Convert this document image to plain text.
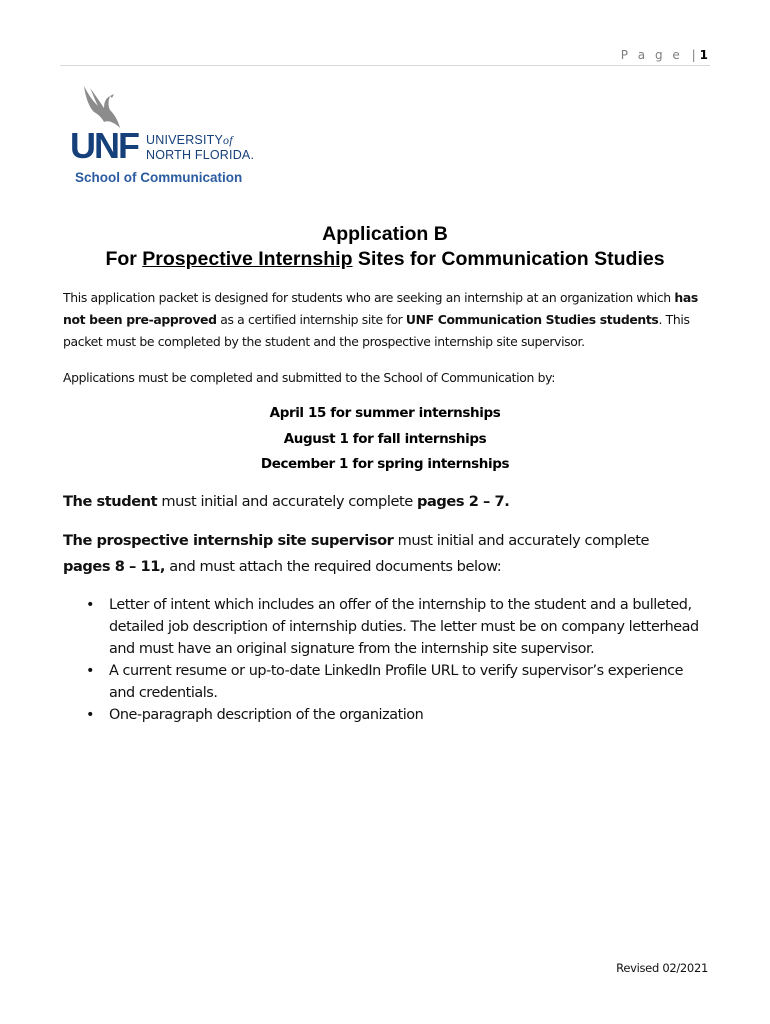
P a g e | 1
UNF UNIVERSITYof
NORTH FLORIDA.
School of Communication
Application B
For Prospective Internship Sites for Communication Studies
This application packet is designed for students who are seeking an internship at an organization which has not been pre-approved as a certified internship site for UNF Communication Studies students. This packet must be completed by the student and the prospective internship site supervisor.
Applications must be completed and submitted to the School of Communication by:
April 15 for summer internships
August 1 for fall internships
December 1 for spring internships
The student must initial and accurately complete pages 2 – 7.
The prospective internship site supervisor must initial and accurately complete
pages 8 – 11, and must attach the required documents below:
• Letter of intent which includes an offer of the internship to the student and a bulleted, detailed job description of internship duties. The letter must be on company letterhead and must have an original signature from the internship site supervisor.
• A current resume or up-to-date LinkedIn Profile URL to verify supervisor’s experience and credentials.
• One-paragraph description of the organization
Revised 02/2021
